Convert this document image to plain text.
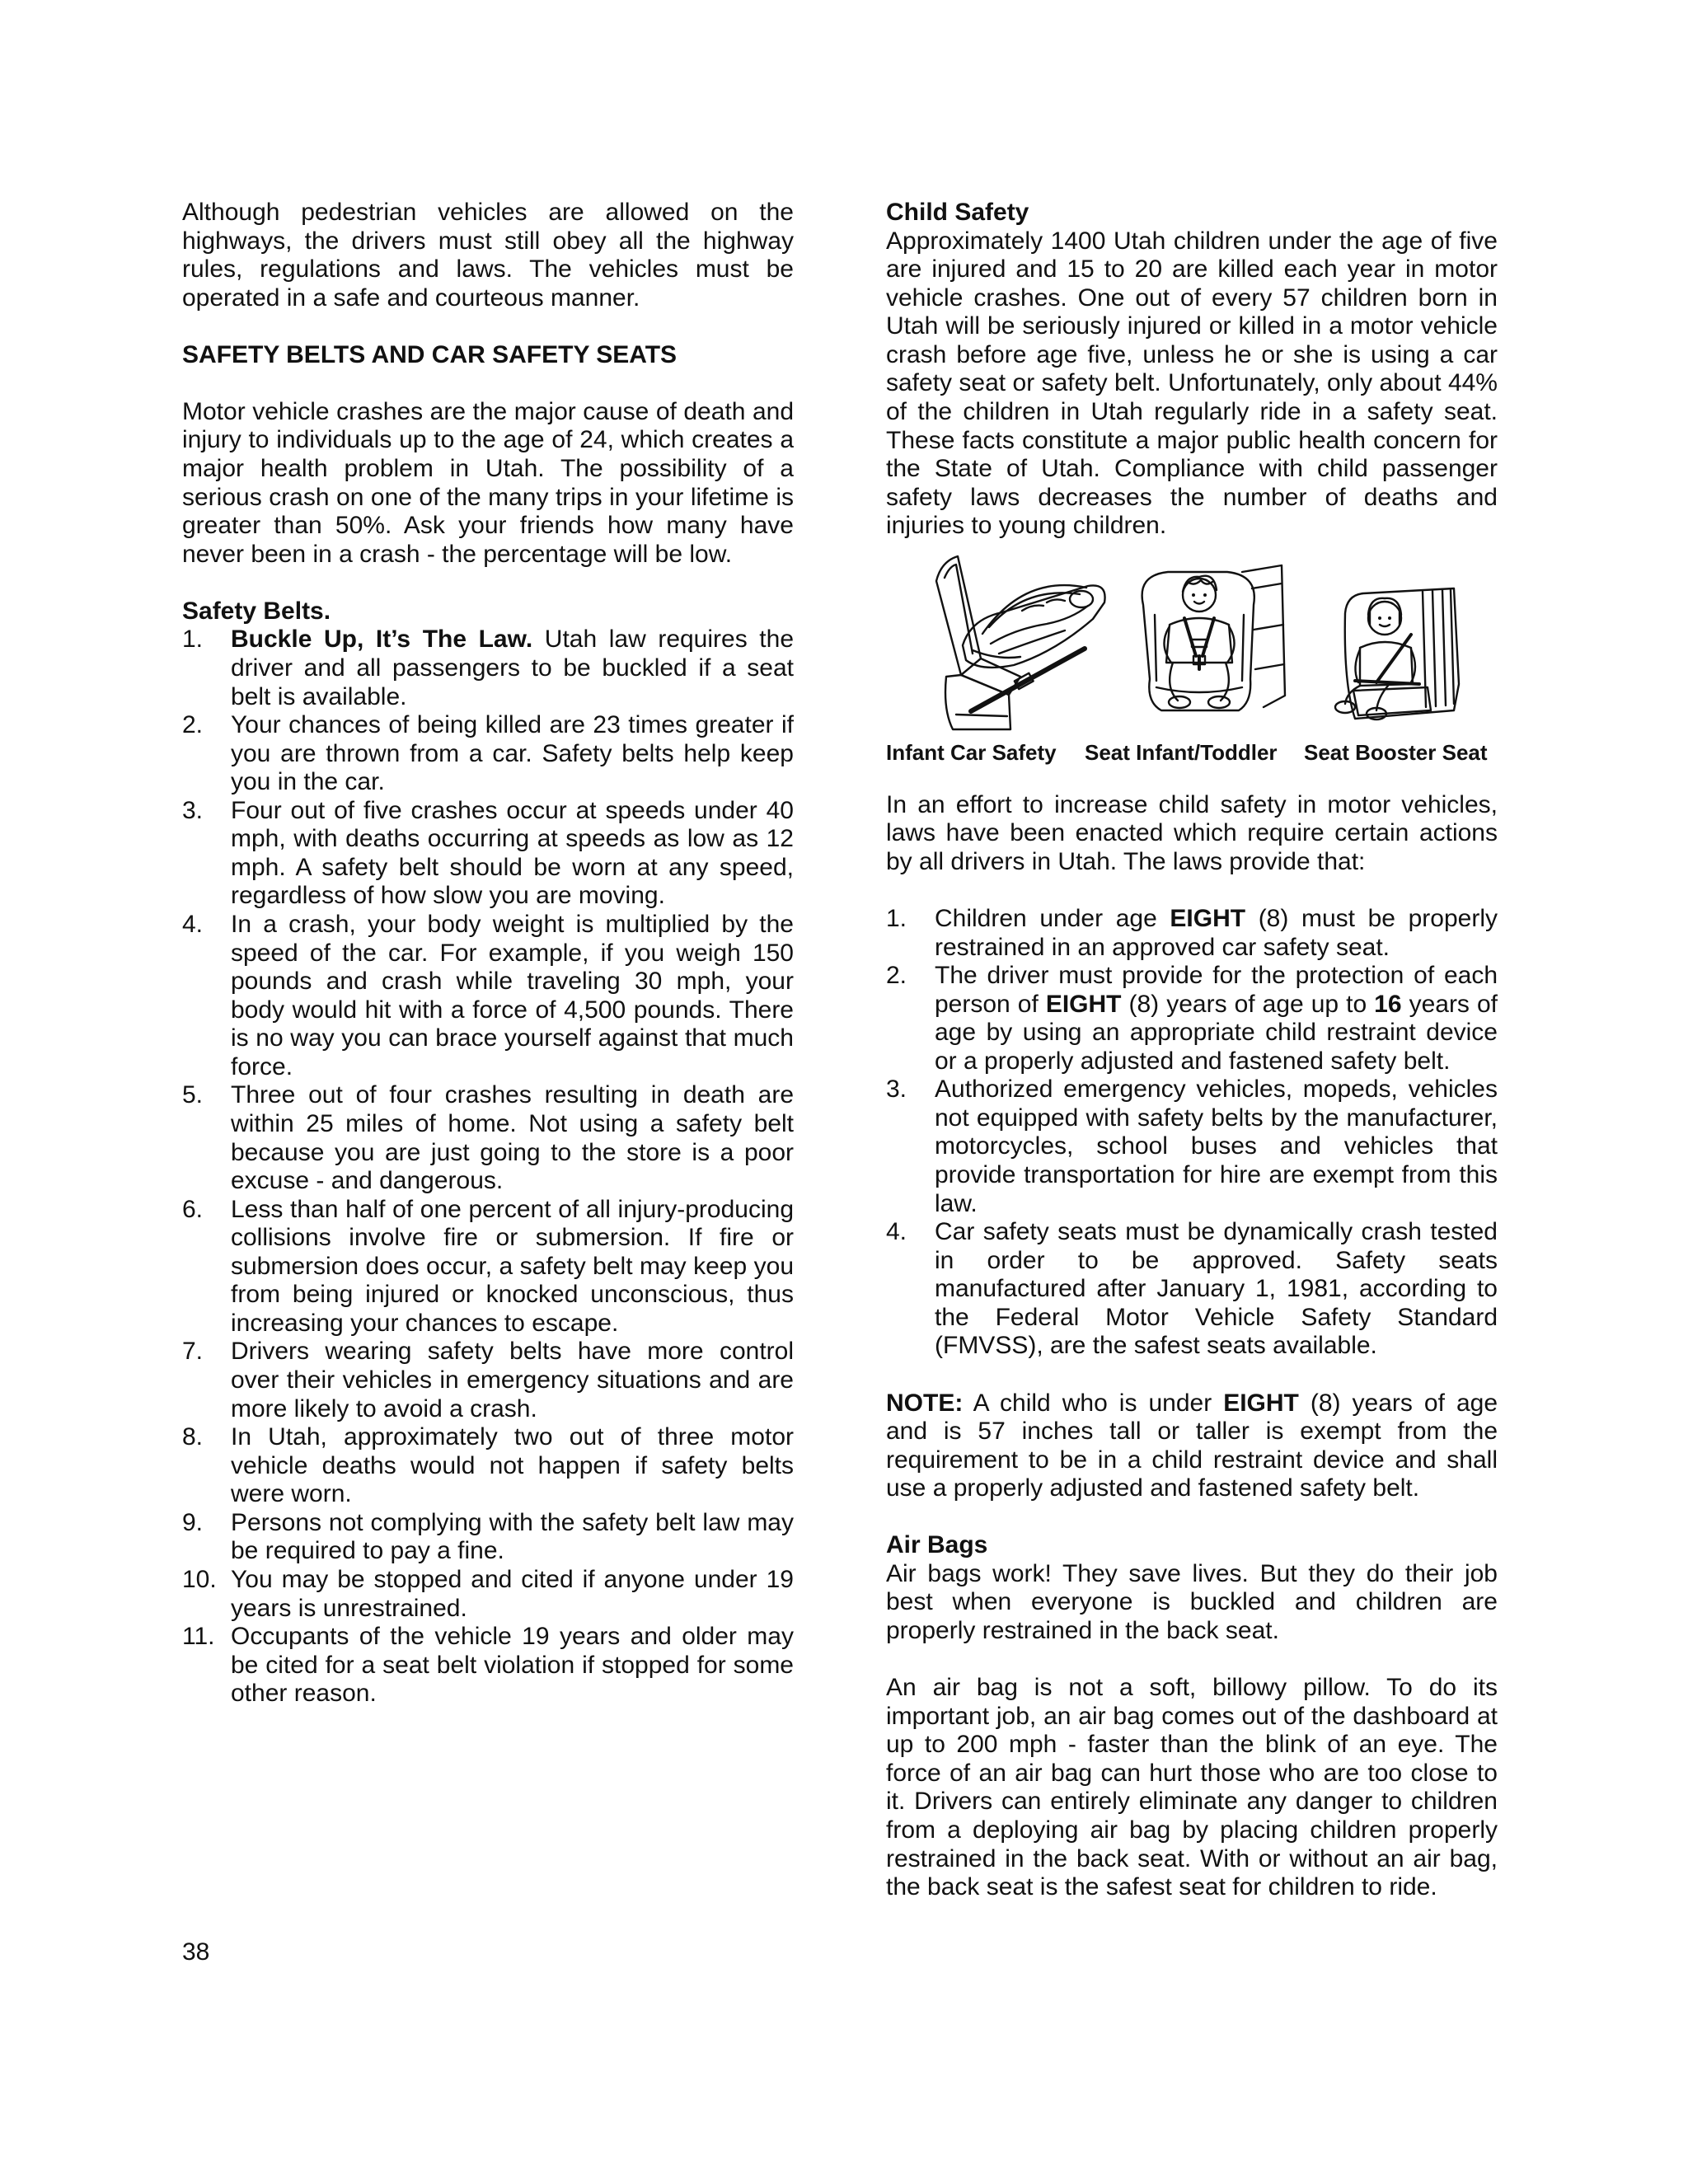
Although pedestrian vehicles are allowed on the highways, the drivers must still obey all the highway rules, regulations and laws. The vehicles must be operated in a safe and courteous manner.

SAFETY BELTS AND CAR SAFETY SEATS

Motor vehicle crashes are the major cause of death and injury to individuals up to the age of 24, which creates a major health problem in Utah. The possibility of a serious crash on one of the many trips in your lifetime is greater than 50%. Ask your friends how many have never been in a crash - the percentage will be low.

Safety Belts.
1.	Buckle Up, It’s The Law. Utah law requires the driver and all passengers to be buckled if a seat belt is available.
2.	Your chances of being killed are 23 times greater if you are thrown from a car. Safety belts help keep you in the car.
3.	Four out of five crashes occur at speeds under 40 mph, with deaths occurring at speeds as low as 12 mph. A safety belt should be worn at any speed, regardless of how slow you are moving.
4.	In a crash, your body weight is multiplied by the speed of the car. For example, if you weigh 150 pounds and crash while traveling 30 mph, your body would hit with a force of 4,500 pounds. There is no way you can brace yourself against that much force.
5.	Three out of four crashes resulting in death are within 25 miles of home. Not using a safety belt because you are just going to the store is a poor excuse - and dangerous.
6.	Less than half of one percent of all injury-producing collisions involve fire or submersion. If fire or submersion does occur, a safety belt may keep you from being injured or knocked unconscious, thus increasing your chances to escape.
7.	Drivers wearing safety belts have more control over their vehicles in emergency situations and are more likely to avoid a crash.
8.	In Utah, approximately two out of three motor vehicle deaths would not happen if safety belts were worn.
9.	Persons not complying with the safety belt law may be required to pay a fine.
10. You may be stopped and cited if anyone under 19 years is unrestrained.
11. Occupants of the vehicle 19 years and older may be cited for a seat belt violation if stopped for some other reason.
Child Safety

Approximately 1400 Utah children under the age of five are injured and 15 to 20 are killed each year in motor vehicle crashes. One out of every 57 children born in Utah will be seriously injured or killed in a motor vehicle crash before age five, unless he or she is using a car safety seat or safety belt. Unfortunately, only about 44% of the children in Utah regularly ride in a safety seat. These facts constitute a major public health concern for the State of Utah. Compliance with child passenger safety laws decreases the number of deaths and injuries to young children.

Infant Car Safety Seat Infant/Toddler Seat Booster Seat

In an effort to increase child safety in motor vehicles, laws have been enacted which require certain actions by all drivers in Utah. The laws provide that:

1.	Children under age EIGHT (8) must be properly restrained in an approved car safety seat.
2.	The driver must provide for the protection of each person of EIGHT (8) years of age up to 16 years of age by using an appropriate child restraint device or a properly adjusted and fastened safety belt.
3.	Authorized emergency vehicles, mopeds, vehicles not equipped with safety belts by the manufacturer, motorcycles, school buses and vehicles that provide transportation for hire are exempt from this law.
4.	Car safety seats must be dynamically crash tested in order to be approved. Safety seats manufactured after January 1, 1981, according to the Federal Motor Vehicle Safety Standard (FMVSS), are the safest seats available.

NOTE: A child who is under EIGHT (8) years of age and is 57 inches tall or taller is exempt from the requirement to be in a child restraint device and shall use a properly adjusted and fastened safety belt.

Air Bags

Air bags work! They save lives. But they do their job best when everyone is buckled and children are properly restrained in the back seat.

An air bag is not a soft, billowy pillow. To do its important job, an air bag comes out of the dashboard at up to 200 mph - faster than the blink of an eye. The force of an air bag can hurt those who are too close to it. Drivers can entirely eliminate any danger to children from a deploying air bag by placing children properly restrained in the back seat. With or without an air bag, the back seat is the safest seat for children to ride.

38
